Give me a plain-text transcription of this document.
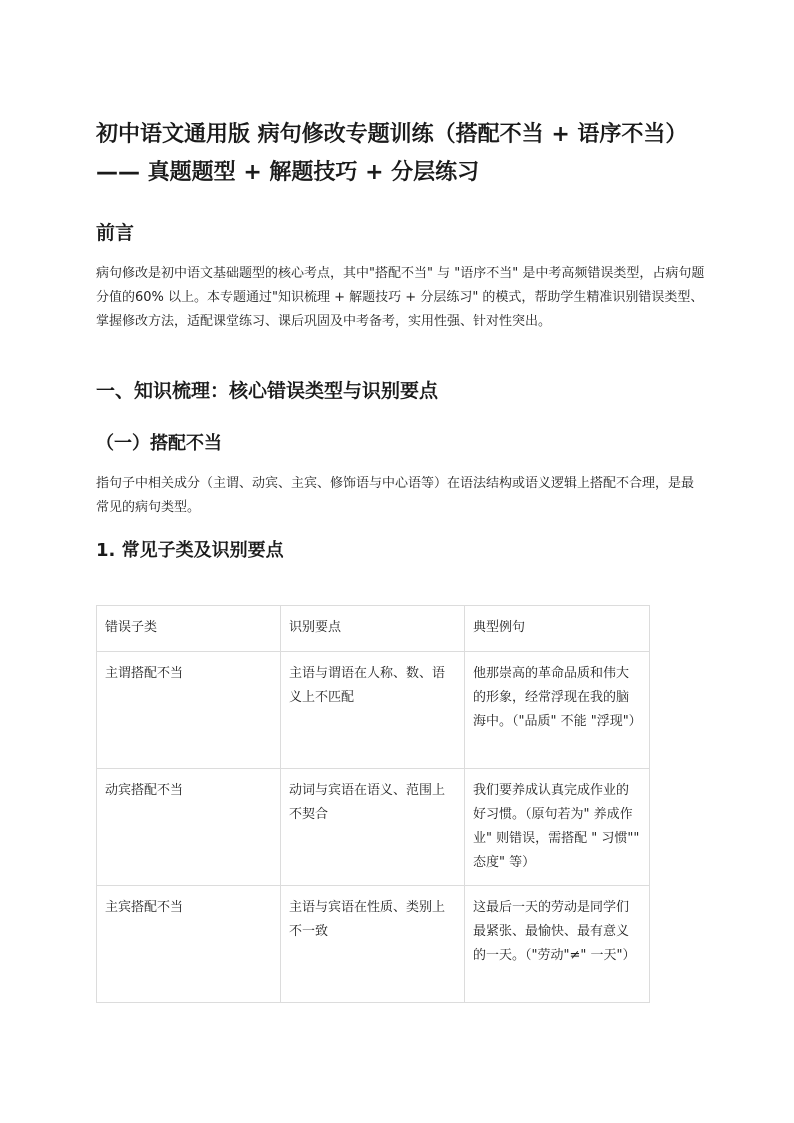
初中语文通用版 病句修改专题训练（搭配不当 + 语序不当）—— 真题题型 + 解题技巧 + 分层练习
前言

病句修改是初中语文基础题型的核心考点，其中"搭配不当" 与 "语序不当" 是中考高频错误类型，占病句题分值的60% 以上。本专题通过"知识梳理 + 解题技巧 + 分层练习" 的模式，帮助学生精准识别错误类型、掌握修改方法，适配课堂练习、课后巩固及中考备考，实用性强、针对性突出。

一、知识梳理：核心错误类型与识别要点
（一）搭配不当

指句子中相关成分（主谓、动宾、主宾、修饰语与中心语等）在语法结构或语义逻辑上搭配不合理，是最常见的病句类型。

1. 常见子类及识别要点
错误子类	识别要点	典型例句
主谓搭配不当	主语与谓语在人称、数、语义上不匹配	他那崇高的革命品质和伟大的形象，经常浮现在我的脑海中。（"品质" 不能 "浮现"）
动宾搭配不当	动词与宾语在语义、范围上不契合	我们要养成认真完成作业的好习惯。（原句若为" 养成作业" 则错误，需搭配 " 习惯"" 态度" 等）
主宾搭配不当	主语与宾语在性质、类别上不一致	这最后一天的劳动是同学们最紧张、最愉快、最有意义的一天。（"劳动"≠" 一天"）
